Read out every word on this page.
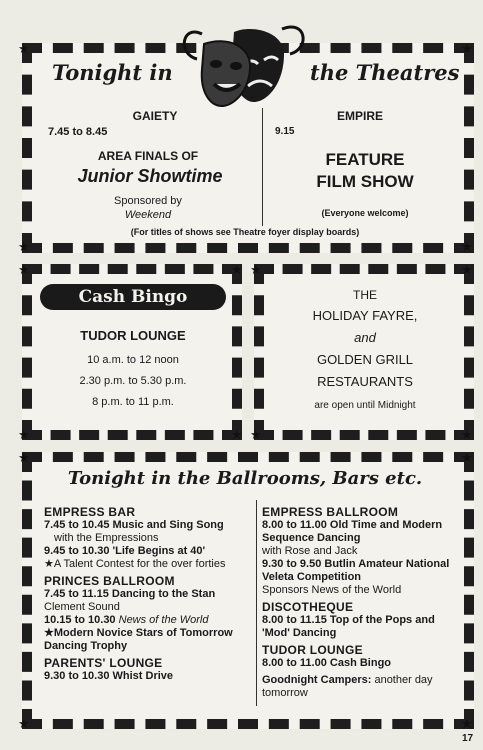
★	★
★	★
Tonight in	the Theatres
GAIETY
7.45 to 8.45
AREA FINALS OF
Junior Showtime
Sponsored by
Weekend
EMPIRE
9.15
FEATURE
FILM SHOW
(Everyone welcome)
(For titles of shows see Theatre foyer display boards)
★	★
★	★
Cash Bingo
TUDOR LOUNGE
10 a.m. to 12 noon
2.30 p.m. to 5.30 p.m.
8 p.m. to 11 p.m.
★	★
★	★
THE
HOLIDAY FAYRE,
and
GOLDEN GRILL
RESTAURANTS
are open until Midnight
★	★
★	★
Tonight in the Ballrooms, Bars etc.
EMPRESS BAR
7.45 to 10.45 Music and Sing Song
with the Empressions
9.45 to 10.30 'Life Begins at 40'
★A Talent Contest for the over forties
PRINCES BALLROOM
7.45 to 11.15 Dancing to the Stan
Clement Sound
10.15 to 10.30 News of the World
★Modern Novice Stars of Tomorrow Dancing Trophy
PARENTS' LOUNGE
9.30 to 10.30 Whist Drive
EMPRESS BALLROOM
8.00 to 11.00 Old Time and Modern Sequence Dancing
with Rose and Jack
9.30 to 9.50 Butlin Amateur National Veleta Competition
Sponsors News of the World
DISCOTHEQUE
8.00 to 11.15 Top of the Pops and 'Mod' Dancing
TUDOR LOUNGE
8.00 to 11.00 Cash Bingo
Goodnight Campers: another day tomorrow
17
